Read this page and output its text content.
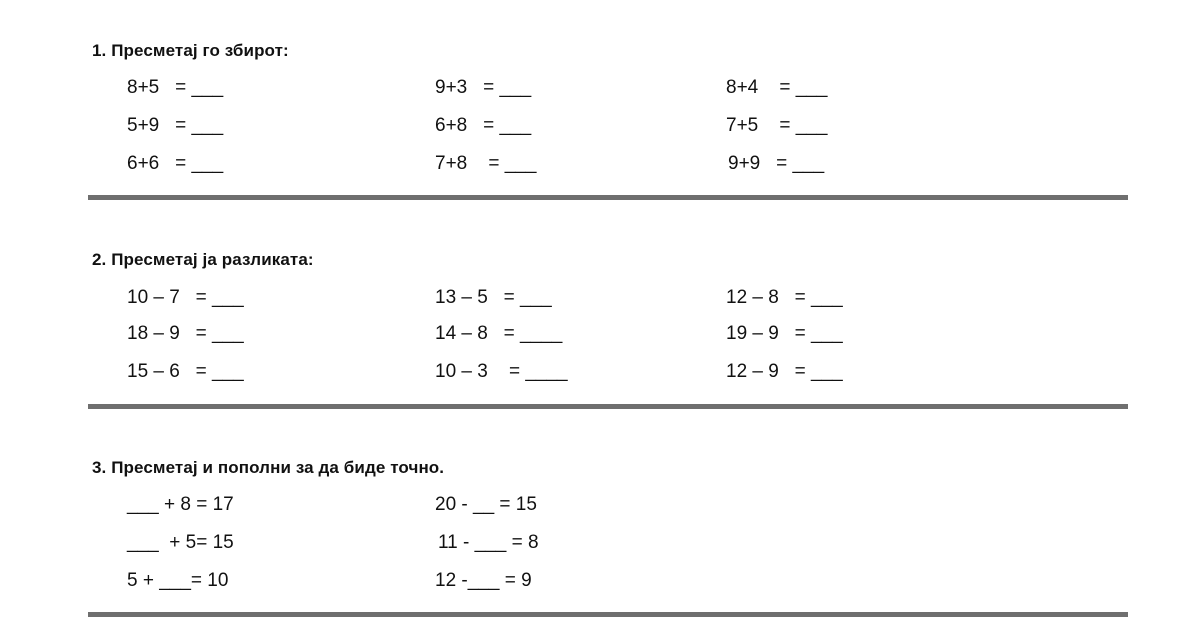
1. Пресметај го збирот:
8+5   = ___	9+3   = ___	8+4    = ___
5+9   = ___	6+8   = ___	7+5    = ___
6+6   = ___	7+8    = ___	9+9   = ___
2. Пресметај ја разликата:
10 – 7   = ___	13 – 5   = ___	12 – 8   = ___
18 – 9   = ___	14 – 8   = ____	19 – 9   = ___
15 – 6   = ___	10 – 3    = ____	12 – 9   = ___
3. Пресметај и пополни за да биде точно.
___ + 8 = 17	20 - __ = 15
___  + 5= 15	11 - ___ = 8
5 + ___= 10	12 -___ = 9
